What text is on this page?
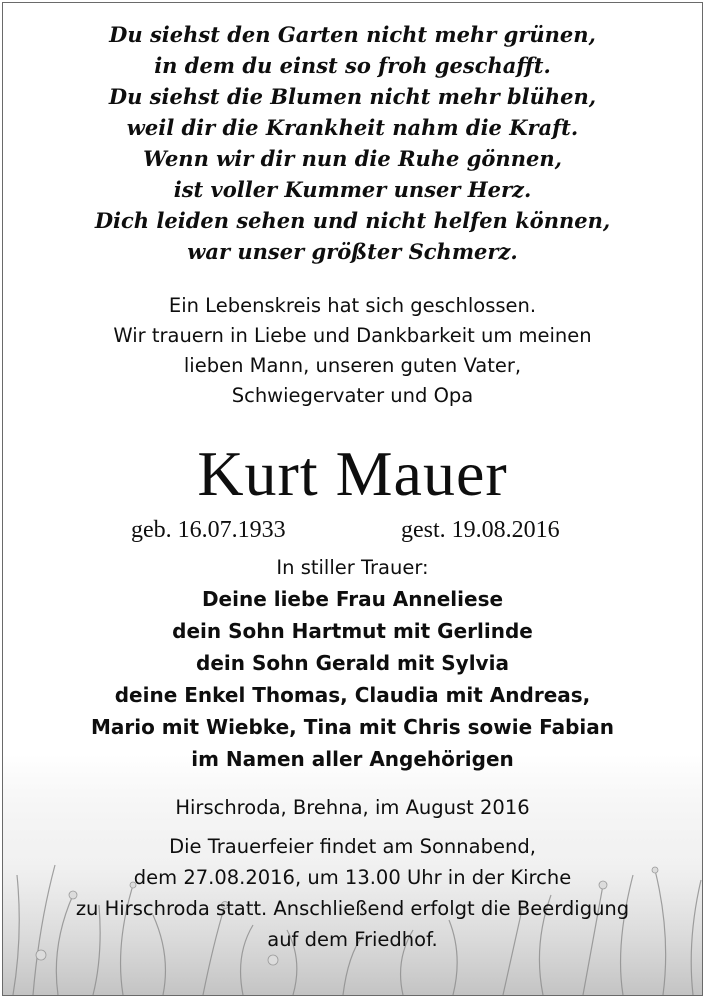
Du siehst den Garten nicht mehr grünen,
in dem du einst so froh geschafft.
Du siehst die Blumen nicht mehr blühen,
weil dir die Krankheit nahm die Kraft.
Wenn wir dir nun die Ruhe gönnen,
ist voller Kummer unser Herz.
Dich leiden sehen und nicht helfen können,
war unser größter Schmerz.
Ein Lebenskreis hat sich geschlossen.
Wir trauern in Liebe und Dankbarkeit um meinen
lieben Mann, unseren guten Vater,
Schwiegervater und Opa
Kurt Mauer
geb. 16.07.1933	gest. 19.08.2016
In stiller Trauer:
Deine liebe Frau Anneliese
dein Sohn Hartmut mit Gerlinde
dein Sohn Gerald mit Sylvia
deine Enkel Thomas, Claudia mit Andreas,
Mario mit Wiebke, Tina mit Chris sowie Fabian
im Namen aller Angehörigen
Hirschroda, Brehna, im August 2016
Die Trauerfeier findet am Sonnabend,
dem 27.08.2016, um 13.00 Uhr in der Kirche
zu Hirschroda statt. Anschließend erfolgt die Beerdigung
auf dem Friedhof.
